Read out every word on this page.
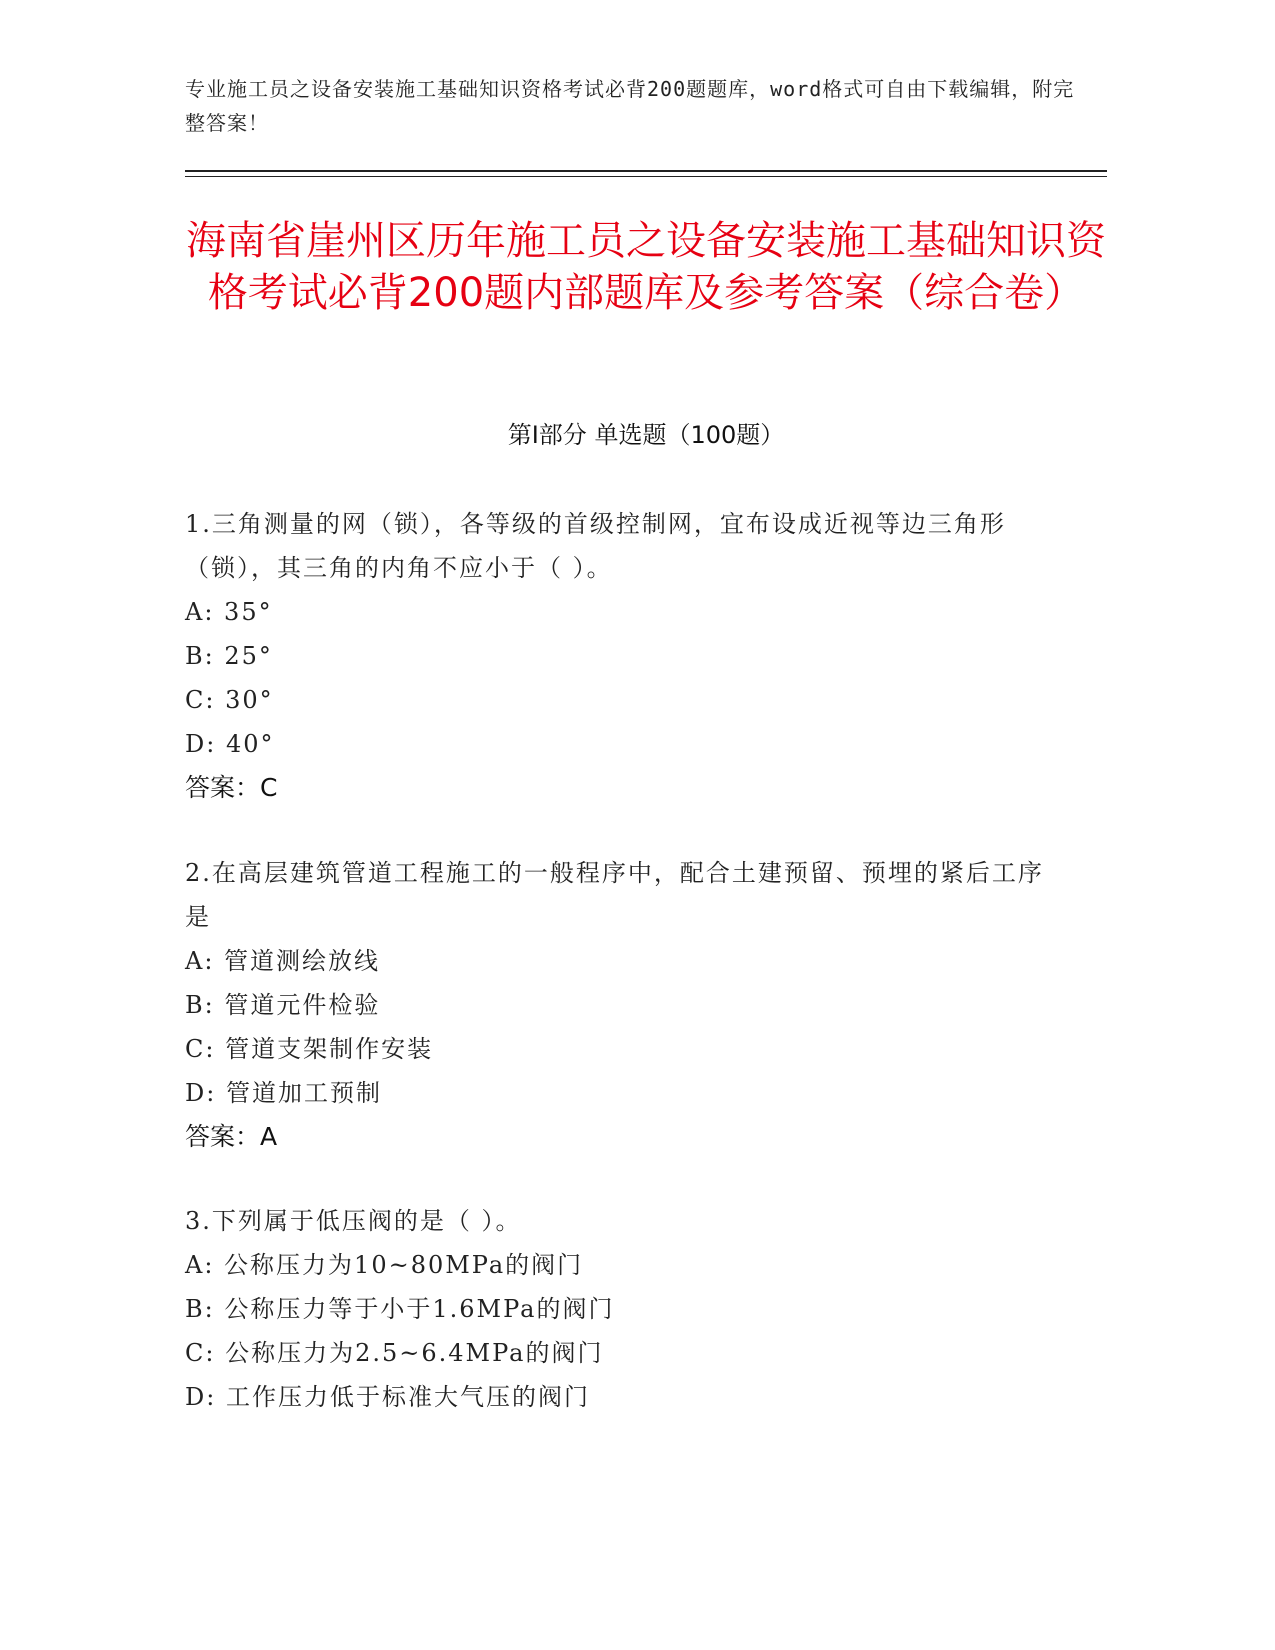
专业施工员之设备安装施工基础知识资格考试必背200题题库，word格式可自由下载编辑，附完整答案！
海南省崖州区历年施工员之设备安装施工基础知识资格考试必背200题内部题库及参考答案（综合卷）
第Ⅰ部分 单选题（100题）
1.三角测量的网（锁），各等级的首级控制网，宜布设成近视等边三角形（锁），其三角的内角不应小于（ ）。
A: 35°
B: 25°
C: 30°
D: 40°
答案：C
2.在高层建筑管道工程施工的一般程序中，配合土建预留、预埋的紧后工序是
A: 管道测绘放线
B: 管道元件检验
C: 管道支架制作安装
D: 管道加工预制
答案：A
3.下列属于低压阀的是（ ）。
A: 公称压力为10~80MPa的阀门
B: 公称压力等于小于1.6MPa的阀门
C: 公称压力为2.5~6.4MPa的阀门
D: 工作压力低于标准大气压的阀门
